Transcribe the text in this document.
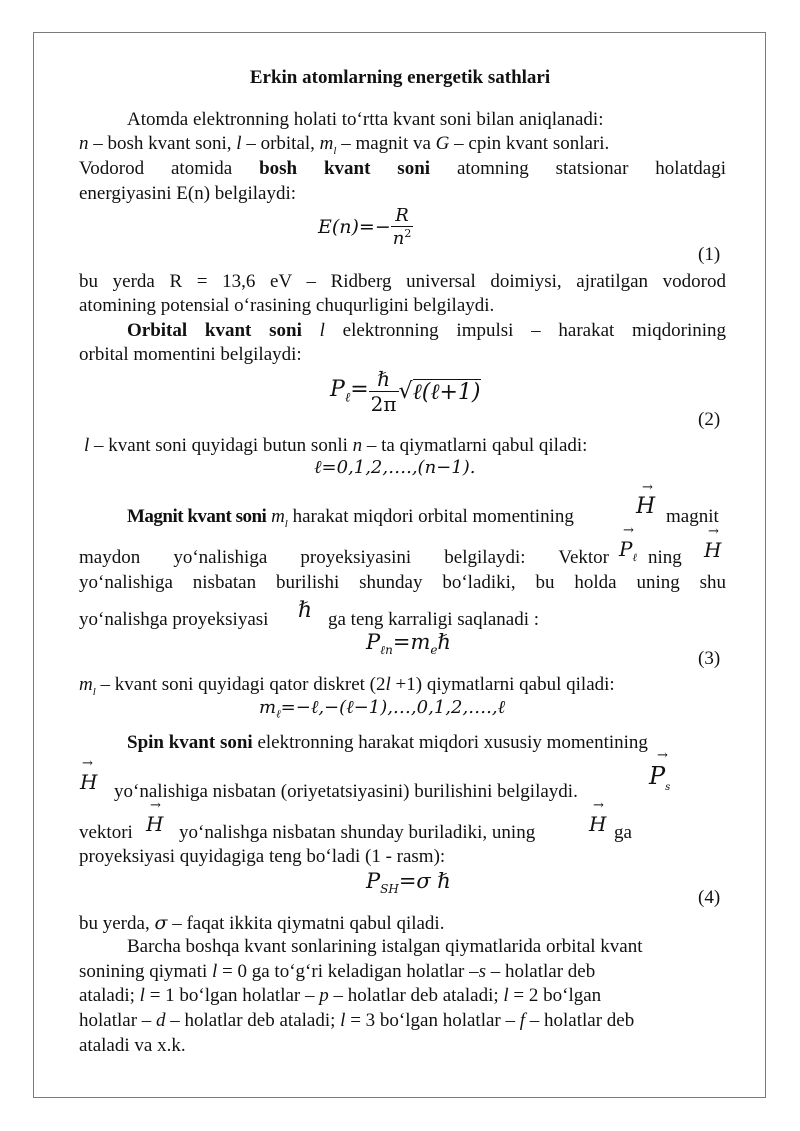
Erkin atomlarning energetik sathlari
Atomda elektronning holati to‘rtta kvant soni bilan aniqlanadi:
n – bosh kvant soni, l – orbital, $m_l$ – magnit va G – cpin kvant sonlari.
Vodorod atomida bosh kvant soni atomning statsionar holatdagi
energiyasini E(n) belgilaydi:
$E(n)=- \frac{R}{n^2}$
(1)
bu yerda R = 13,6 eV – Ridberg universal doimiysi, ajratilgan vodorod
atomining potensial o‘rasining chuqurligini belgilaydi.
Orbital kvant soni l elektronning impulsi – harakat miqdorining
orbital momentini belgilaydi:
$P_\ell= \frac{\text{ℏ}}{2\pi}$ √ℓ(ℓ+1)
(2)
l – kvant soni quyidagi butun sonli n – ta qiymatlarni qabul qiladi:
ℓ=0,1,2,….,(n−1).
Magnit kvant soni $m_l$ harakat miqdori orbital momentining
→
H magnit
maydon yo‘nalishiga proyeksiyasini belgilaydi: Vektor
→
$P_\ell$ ning
→
H
yo‘nalishiga nisbatan burilishi shunday bo‘ladiki, bu holda uning shu
yo‘nalishga proyeksiyasi	ℏ ga teng karraligi saqlanadi :
$P_{\ell n}=m_e\hbar$
(3)
$m_l$ – kvant soni quyidagi qator diskret (2l +1) qiymatlarni qabul qiladi:
$m_\ell=-\ell,-(\ell-1),\dots,0,1,2,\dots.,\ell$
Spin kvant soni elektronning harakat miqdori xususiy momentining
→
H yo‘nalishiga nisbatan (oriyetatsiyasini) burilishini belgilaydi.
→
$P_s$
vektori
→
H yo‘nalishga nisbatan shunday buriladiki, uning
→
H ga
proyeksiyasi quyidagiga teng bo‘ladi (1 - rasm):
$P_{SH}=\sigma$ ℏ
(4)
bu yerda, σ – faqat ikkita qiymatni qabul qiladi.
Barcha boshqa kvant sonlarining istalgan qiymatlarida orbital kvant
sonining qiymati l = 0 ga to‘g‘ri keladigan holatlar –s – holatlar deb
ataladi; l = 1 bo‘lgan holatlar – p – holatlar deb ataladi; l = 2 bo‘lgan
holatlar – d – holatlar deb ataladi; l = 3 bo‘lgan holatlar – f – holatlar deb
ataladi va x.k.
